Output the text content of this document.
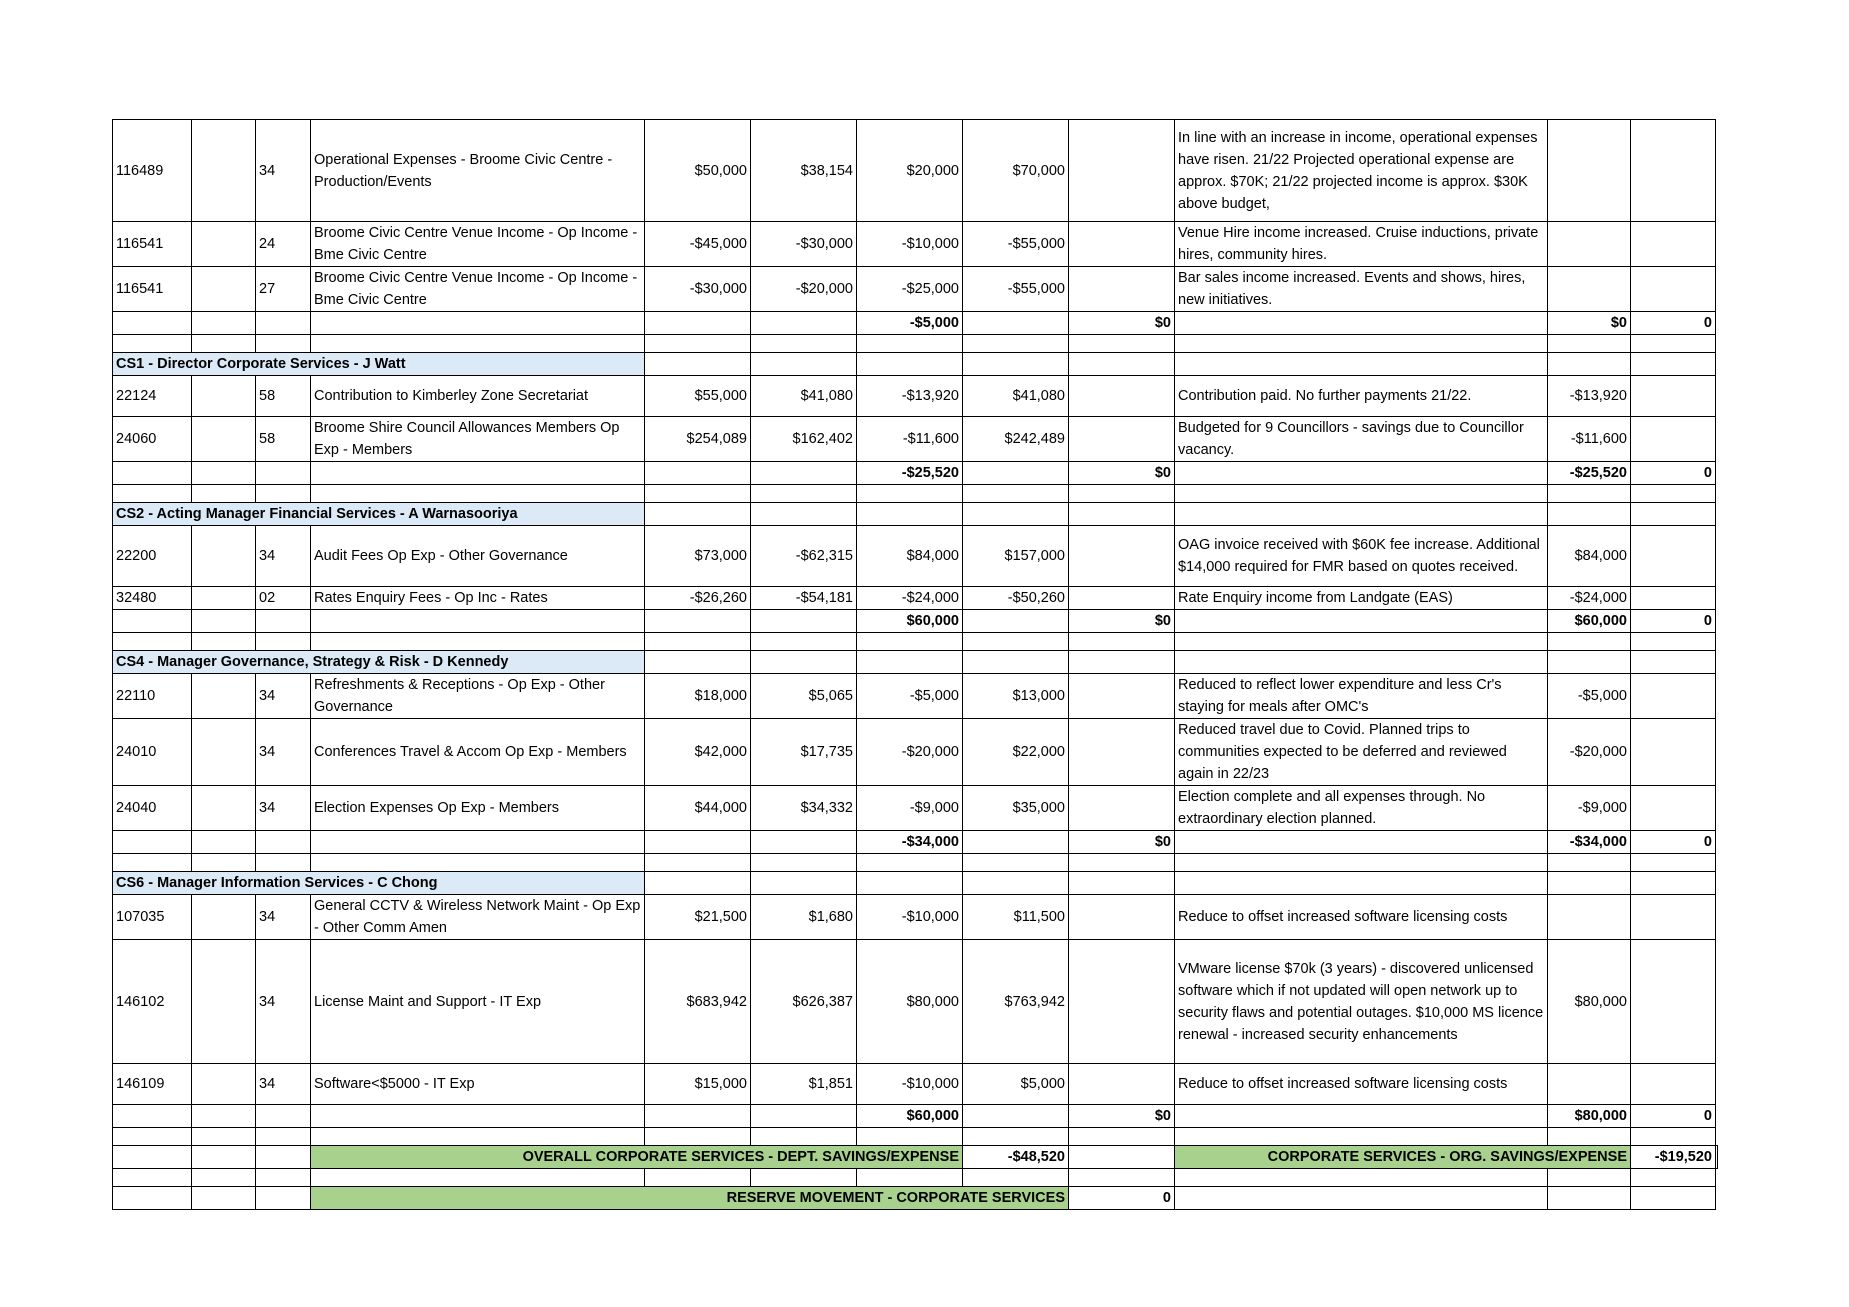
116489		34	Operational Expenses - Broome Civic Centre - Production/Events	$50,000	$38,154	$20,000	$70,000		In line with an increase in income, operational expenses have risen. 21/22 Projected operational expense are approx. $70K; 21/22 projected income is approx. $30K above budget,			
116541		24	Broome Civic Centre Venue Income - Op Income - Bme Civic Centre	-$45,000	-$30,000	-$10,000	-$55,000		Venue Hire income increased. Cruise inductions, private hires, community hires.			
116541		27	Broome Civic Centre Venue Income - Op Income - Bme Civic Centre	-$30,000	-$20,000	-$25,000	-$55,000		Bar sales income increased. Events and shows, hires, new initiatives.			
						-$5,000		$0		$0	0	

CS1 - Director Corporate Services - J Watt												
22124		58	Contribution to Kimberley Zone Secretariat	$55,000	$41,080	-$13,920	$41,080		Contribution paid. No further payments 21/22.	-$13,920		
24060		58	Broome Shire Council Allowances Members Op Exp - Members	$254,089	$162,402	-$11,600	$242,489		Budgeted for 9 Councillors - savings due to Councillor vacancy.	-$11,600		
						-$25,520		$0		-$25,520	0	

CS2 - Acting Manager Financial Services - A Warnasooriya												
22200		34	Audit Fees Op Exp - Other Governance	$73,000	-$62,315	$84,000	$157,000		OAG invoice received with $60K fee increase. Additional $14,000 required for FMR based on quotes received.	$84,000		
32480		02	Rates Enquiry Fees - Op Inc - Rates	-$26,260	-$54,181	-$24,000	-$50,260		Rate Enquiry income from Landgate (EAS)	-$24,000		
						$60,000		$0		$60,000	0	

CS4 - Manager Governance, Strategy & Risk - D Kennedy												
22110		34	Refreshments & Receptions - Op Exp - Other Governance	$18,000	$5,065	-$5,000	$13,000		Reduced to reflect lower expenditure and less Cr's staying for meals after OMC's	-$5,000		
24010		34	Conferences Travel & Accom Op Exp - Members	$42,000	$17,735	-$20,000	$22,000		Reduced travel due to Covid. Planned trips to communities expected to be deferred and reviewed again in 22/23	-$20,000		
24040		34	Election Expenses Op Exp - Members	$44,000	$34,332	-$9,000	$35,000		Election complete and all expenses through. No extraordinary election planned.	-$9,000		
						-$34,000		$0		-$34,000	0	

CS6 - Manager Information Services - C Chong												
107035		34	General CCTV & Wireless Network Maint - Op Exp - Other Comm Amen	$21,500	$1,680	-$10,000	$11,500		Reduce to offset increased software licensing costs			
146102		34	License Maint and Support - IT Exp	$683,942	$626,387	$80,000	$763,942		VMware license $70k (3 years) - discovered unlicensed software which if not updated will open network up to security flaws and potential outages. $10,000 MS licence renewal - increased security enhancements	$80,000		
146109		34	Software<$5000 - IT Exp	$15,000	$1,851	-$10,000	$5,000		Reduce to offset increased software licensing costs			
						$60,000		$0		$80,000	0	

			OVERALL CORPORATE SERVICES - DEPT. SAVINGS/EXPENSE				-$48,520		CORPORATE SERVICES - ORG. SAVINGS/EXPENSE		-$19,520	

			RESERVE MOVEMENT - CORPORATE SERVICES					0				
